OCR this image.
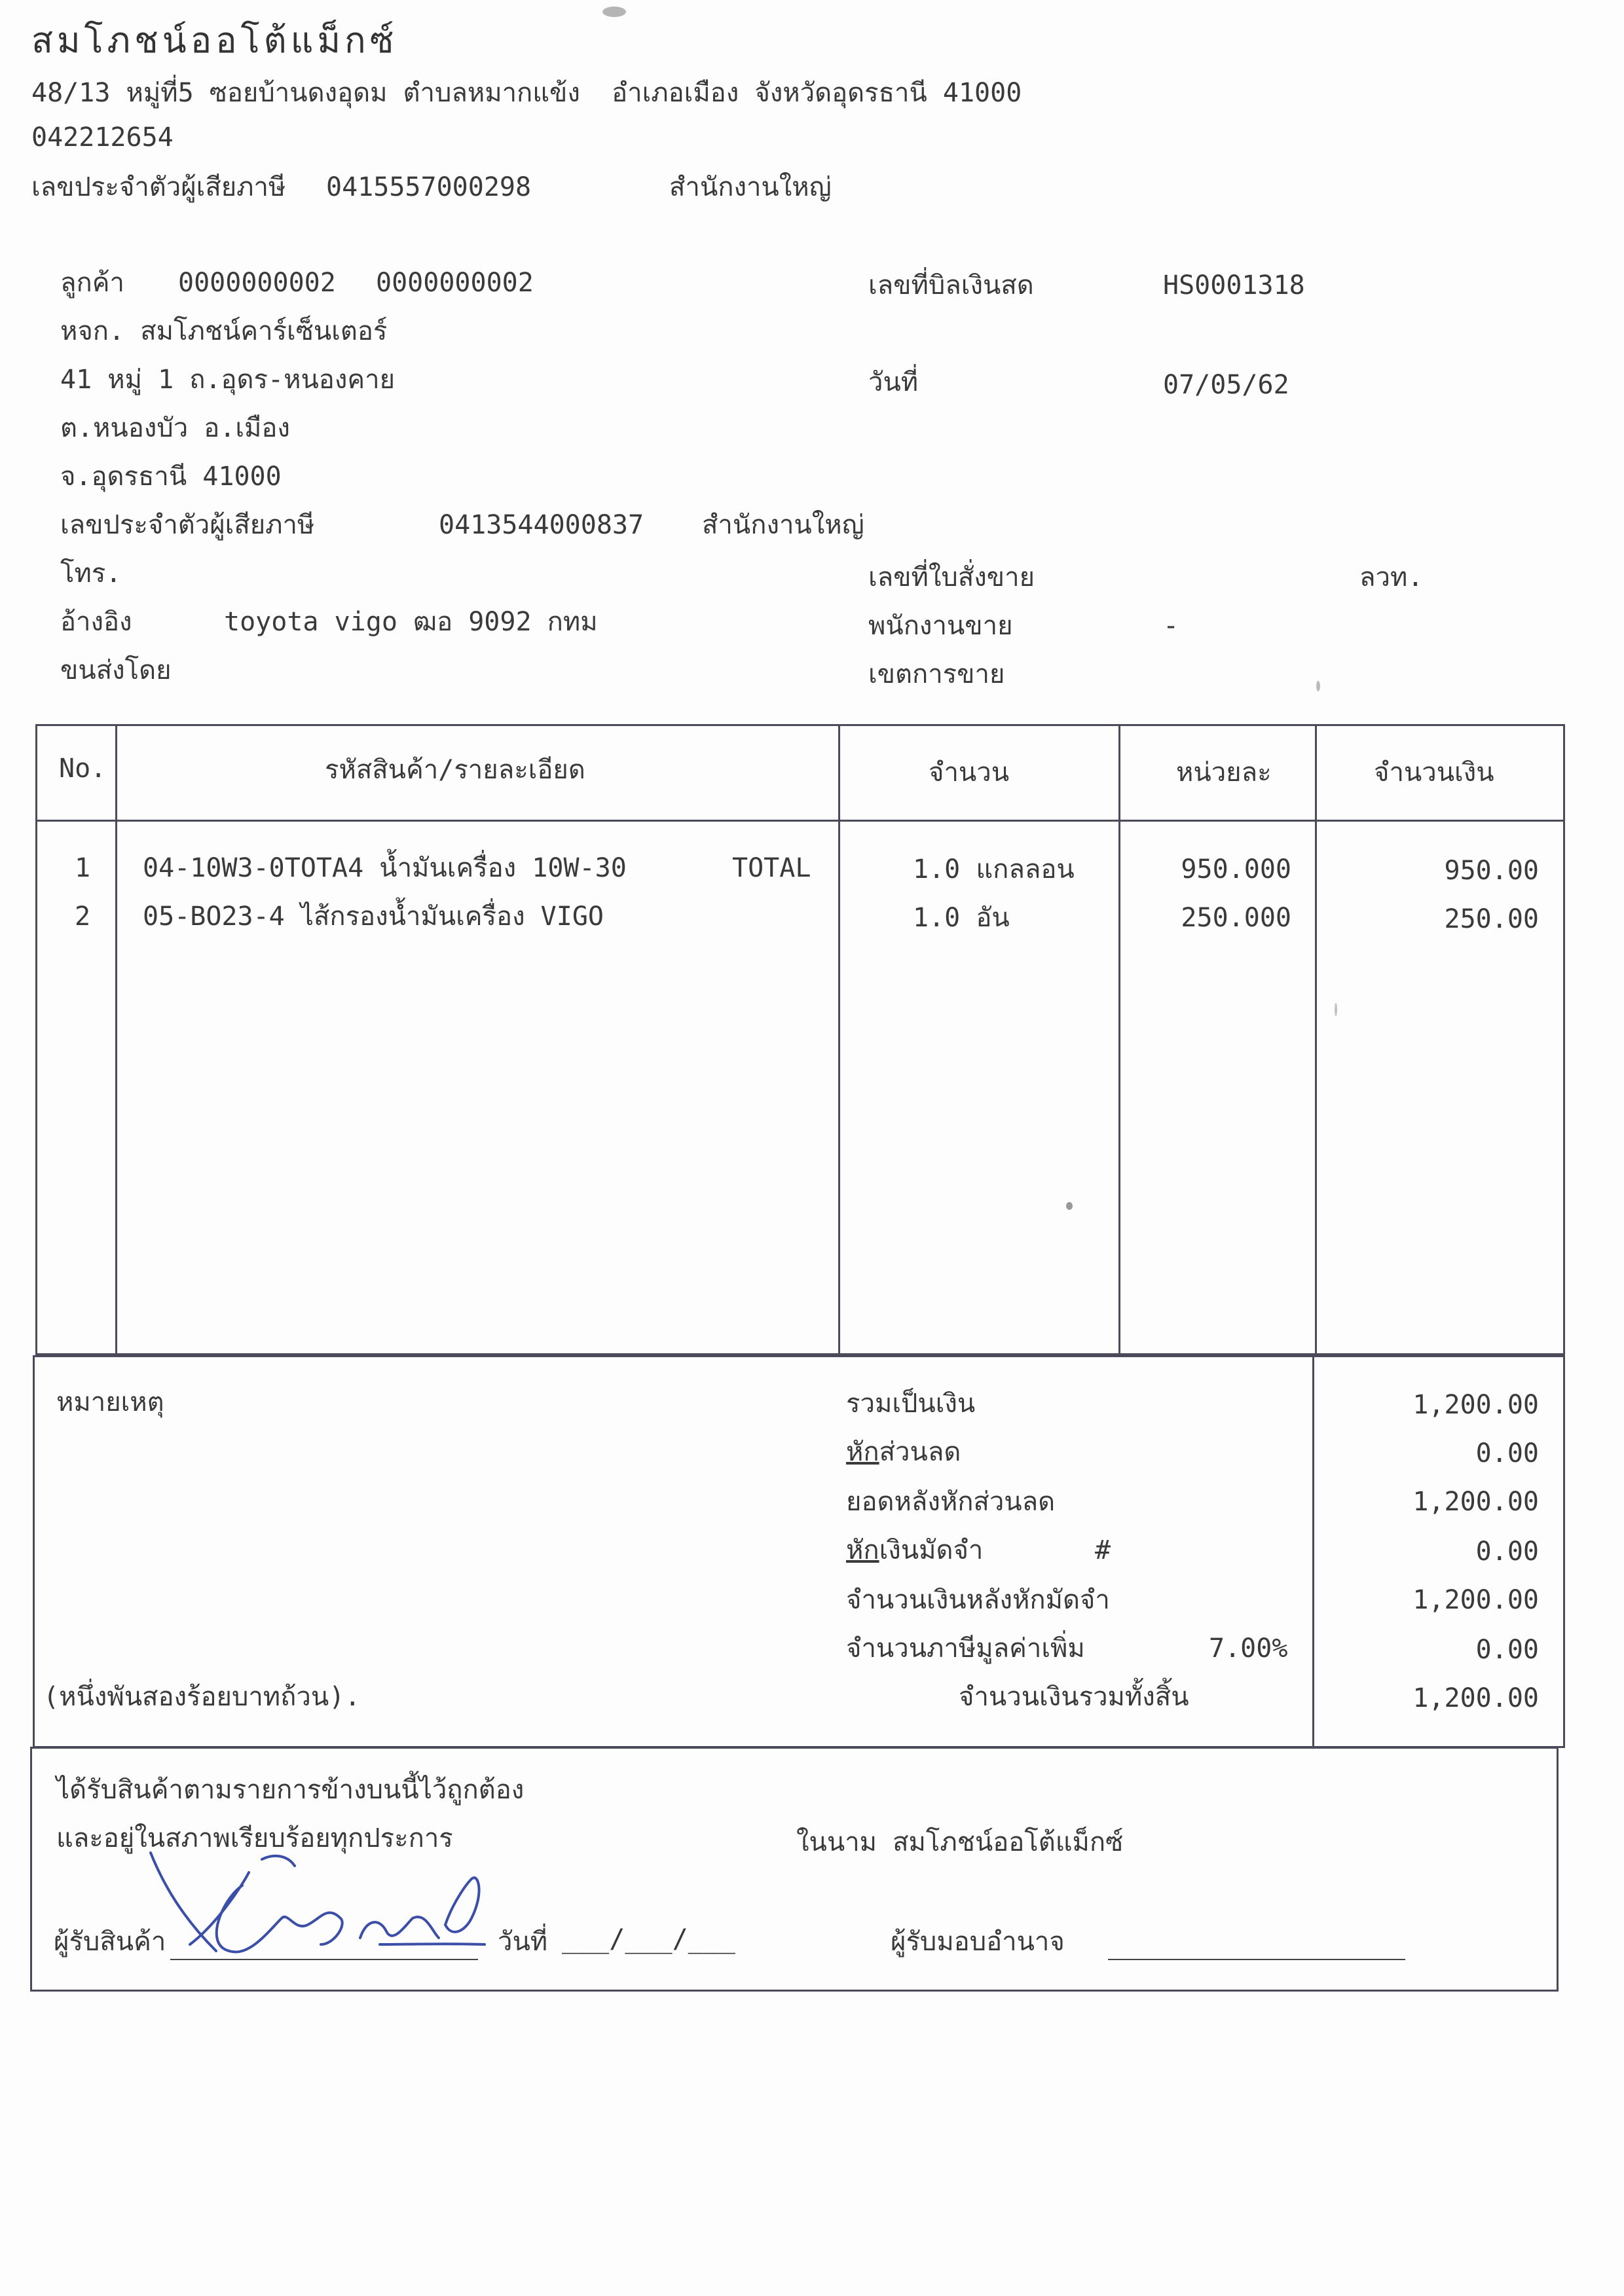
สมโภชน์ออโต้แม็กซ์
48/13 หมู่ที่5 ซอยบ้านดงอุดม ตำบลหมากแข้ง  อำเภอเมือง จังหวัดอุดรธานี 41000
042212654
เลขประจำตัวผู้เสียภาษี 0415557000298	สำนักงานใหญ่
ลูกค้า 0000000002 0000000002
หจก. สมโภชน์คาร์เซ็นเตอร์
41 หมู่ 1 ถ.อุดร-หนองคาย
ต.หนองบัว อ.เมือง
จ.อุดรธานี 41000
เลขประจำตัวผู้เสียภาษี	0413544000837 สำนักงานใหญ่
โทร.
อ้างอิง	toyota vigo ฒอ 9092 กทม
ขนส่งโดย
เลขที่บิลเงินสด	HS0001318
วันที่	07/05/62
เลขที่ใบสั่งขาย	ลวท.
พนักงานขาย	-
เขตการขาย
No.	รหัสสินค้า/รายละเอียด	จำนวน	หน่วยละ	จำนวนเงิน
1 04-10W3-0TOTA4 น้ำมันเครื่อง 10W-30	TOTAL	1.0 แกลลอน	950.000	950.00
2 05-BO23-4 ไส้กรองน้ำมันเครื่อง VIGO	1.0 อัน	250.000	250.00
หมายเหตุ	รวมเป็นเงิน	1,200.00
หักส่วนลด	0.00
ยอดหลังหักส่วนลด	1,200.00
หักเงินมัดจำ	#	0.00
จำนวนเงินหลังหักมัดจำ	1,200.00
จำนวนภาษีมูลค่าเพิ่ม	7.00%	0.00
(หนึ่งพันสองร้อยบาทถ้วน).	จำนวนเงินรวมทั้งสิ้น	1,200.00
ได้รับสินค้าตามรายการข้างบนนี้ไว้ถูกต้อง
และอยู่ในสภาพเรียบร้อยทุกประการ	ในนาม สมโภชน์ออโต้แม็กซ์
ผู้รับสินค้า	วันที่ ___/___/___	ผู้รับมอบอำนาจ
